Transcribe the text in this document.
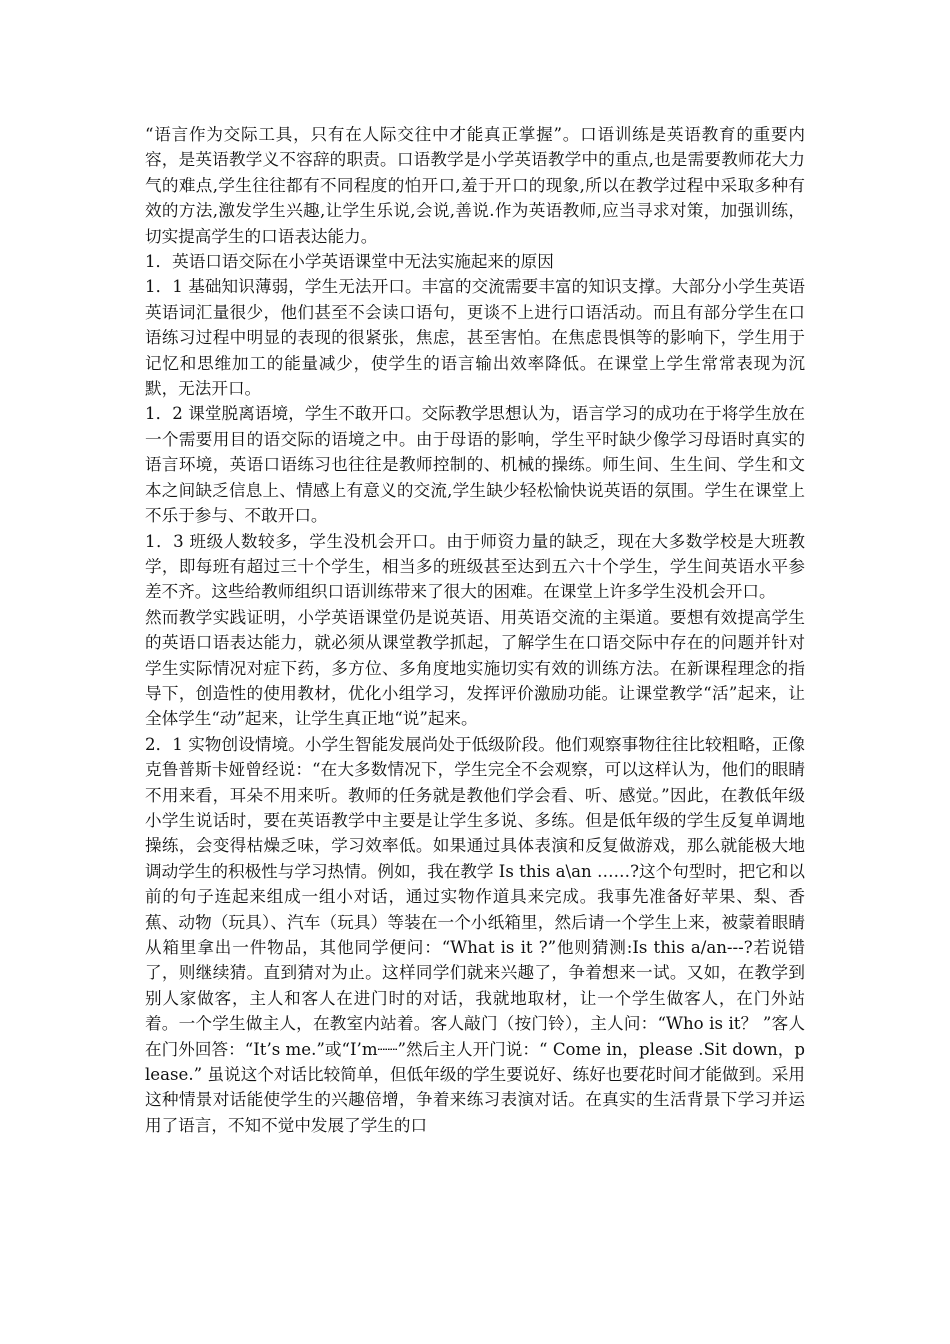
“语言作为交际工具，只有在人际交往中才能真正掌握”。口语训练是英语教育的重要内容，是英语教学义不容辞的职责。口语教学是小学英语教学中的重点,也是需要教师花大力气的难点,学生往往都有不同程度的怕开口,羞于开口的现象,所以在教学过程中采取多种有效的方法,激发学生兴趣,让学生乐说,会说,善说.作为英语教师,应当寻求对策，加强训练，切实提高学生的口语表达能力。

1．英语口语交际在小学英语课堂中无法实施起来的原因

1．1 基础知识薄弱，学生无法开口。丰富的交流需要丰富的知识支撑。大部分小学生英语英语词汇量很少，他们甚至不会读口语句，更谈不上进行口语活动。而且有部分学生在口语练习过程中明显的表现的很紧张，焦虑，甚至害怕。在焦虑畏惧等的影响下，学生用于记忆和思维加工的能量减少，使学生的语言输出效率降低。在课堂上学生常常表现为沉默，无法开口。

1．2 课堂脱离语境，学生不敢开口。交际教学思想认为，语言学习的成功在于将学生放在一个需要用目的语交际的语境之中。由于母语的影响，学生平时缺少像学习母语时真实的语言环境，英语口语练习也往往是教师控制的、机械的操练。师生间、生生间、学生和文本之间缺乏信息上、情感上有意义的交流,学生缺少轻松愉快说英语的氛围。学生在课堂上不乐于参与、不敢开口。

1．3 班级人数较多，学生没机会开口。由于师资力量的缺乏，现在大多数学校是大班教学，即每班有超过三十个学生，相当多的班级甚至达到五六十个学生，学生间英语水平参差不齐。这些给教师组织口语训练带来了很大的困难。在课堂上许多学生没机会开口。

然而教学实践证明，小学英语课堂仍是说英语、用英语交流的主渠道。要想有效提高学生的英语口语表达能力，就必须从课堂教学抓起，了解学生在口语交际中存在的问题并针对学生实际情况对症下药，多方位、多角度地实施切实有效的训练方法。在新课程理念的指导下，创造性的使用教材，优化小组学习，发挥评价激励功能。让课堂教学“活”起来，让全体学生“动”起来，让学生真正地“说”起来。

2．1 实物创设情境。小学生智能发展尚处于低级阶段。他们观察事物往往比较粗略，正像克鲁普斯卡娅曾经说：“在大多数情况下，学生完全不会观察，可以这样认为，他们的眼睛不用来看，耳朵不用来听。教师的任务就是教他们学会看、听、感觉。”因此，在教低年级小学生说话时，要在英语教学中主要是让学生多说、多练。但是低年级的学生反复单调地操练，会变得枯燥乏味，学习效率低。如果通过具体表演和反复做游戏，那么就能极大地调动学生的积极性与学习热情。例如，我在教学 Is this a\an ……?这个句型时，把它和以前的句子连起来组成一组小对话，通过实物作道具来完成。我事先准备好苹果、梨、香蕉、动物（玩具）、汽车（玩具）等装在一个小纸箱里，然后请一个学生上来，被蒙着眼睛从箱里拿出一件物品，其他同学便问：“What is it ?”他则猜测:Is this a/an---?若说错了，则继续猜。直到猜对为止。这样同学们就来兴趣了，争着想来一试。又如，在教学到别人家做客，主人和客人在进门时的对话，我就地取材，让一个学生做客人，在门外站着。一个学生做主人，在教室内站着。客人敲门（按门铃），主人问：“Who is it？ ”客人在门外回答：“It’s me.”或“I’m┈┈”然后主人开门说：“ Come in，please .Sit down，please.” 虽说这个对话比较简单，但低年级的学生要说好、练好也要花时间才能做到。采用这种情景对话能使学生的兴趣倍增，争着来练习表演对话。在真实的生活背景下学习并运用了语言，不知不觉中发展了学生的口
